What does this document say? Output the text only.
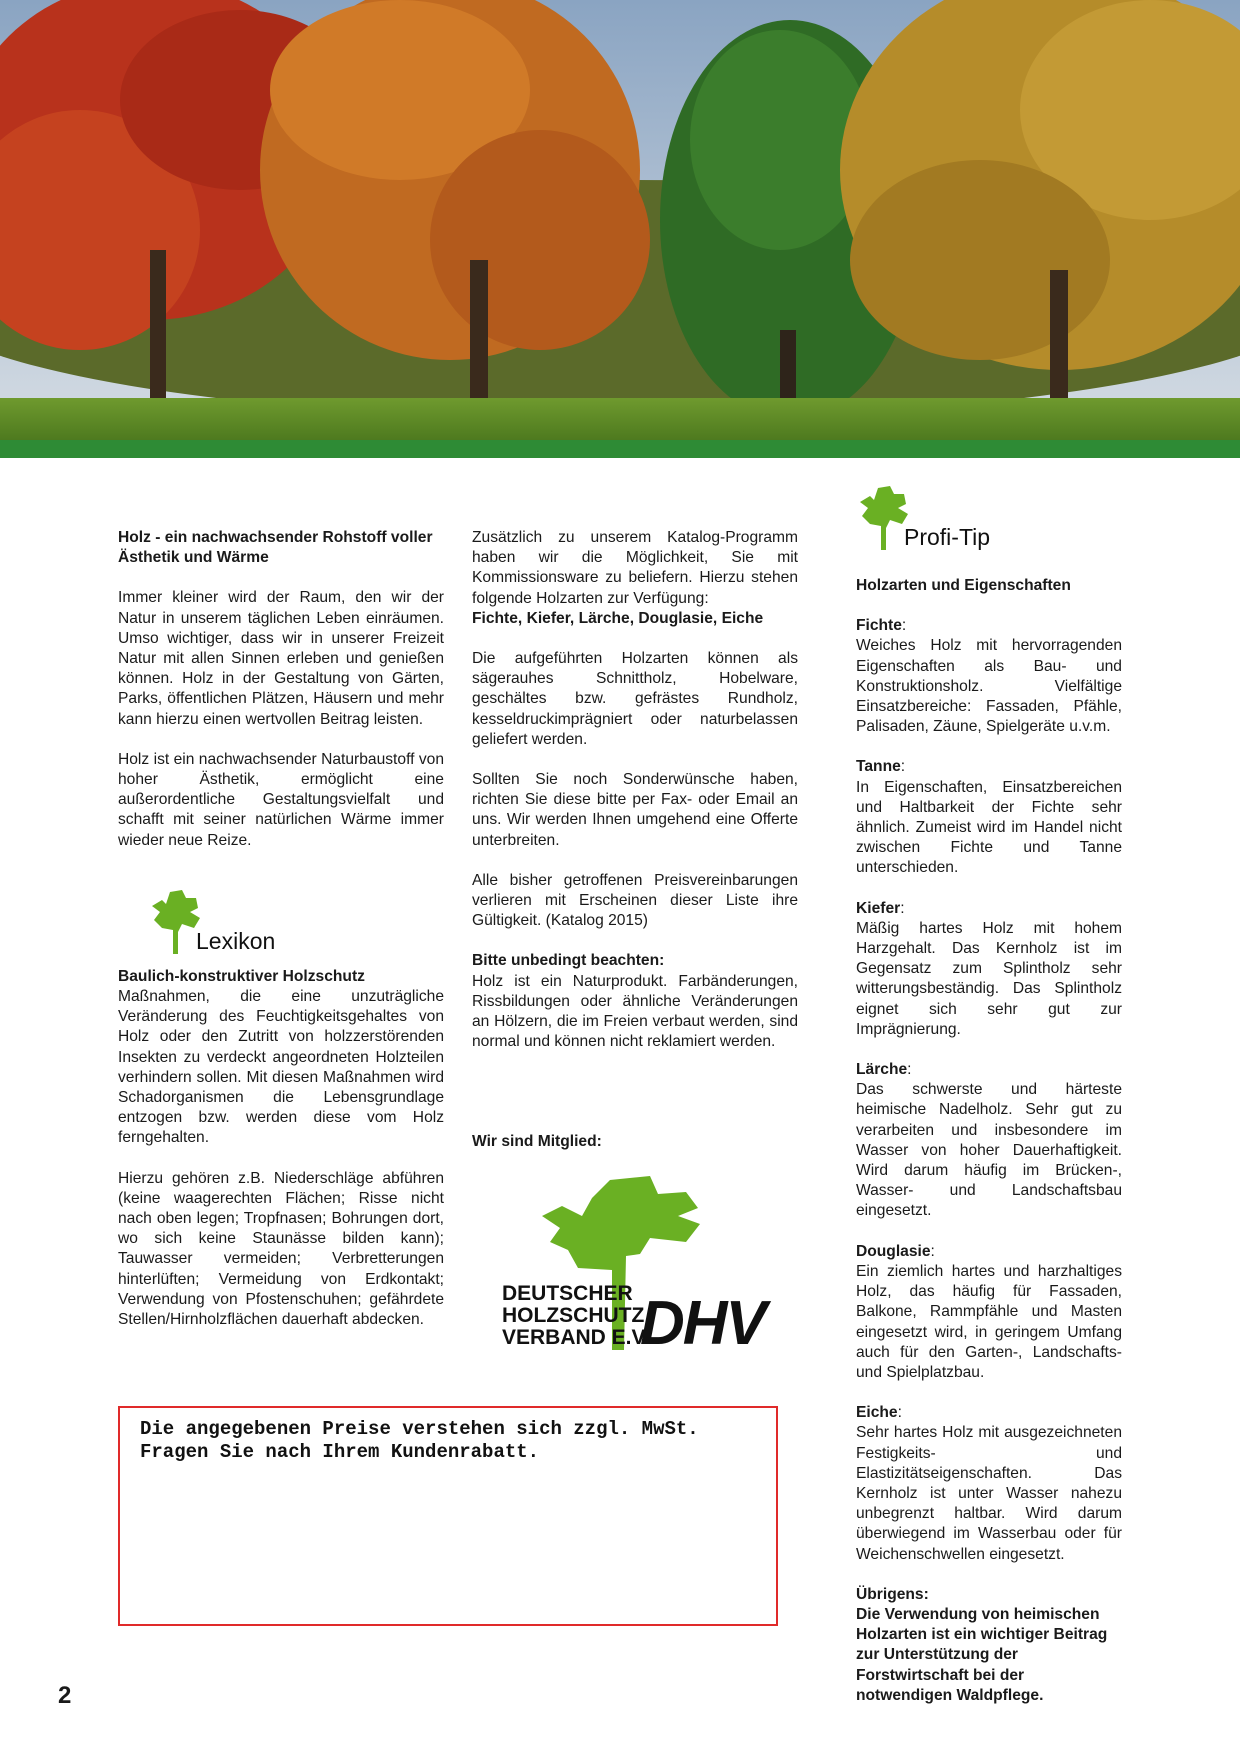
Holz - ein nachwachsender Rohstoff voller Ästhetik und Wärme

Immer kleiner wird der Raum, den wir der Natur in unserem täglichen Leben einräumen. Umso wichtiger, dass wir in unserer Freizeit Natur mit allen Sinnen erleben und genießen können. Holz in der Gestaltung von Gärten, Parks, öffentlichen Plätzen, Häusern und mehr kann hierzu einen wertvollen Beitrag leisten.

Holz ist ein nachwachsender Naturbaustoff von hoher Ästhetik, ermöglicht eine außerordentliche Gestaltungsvielfalt und schafft mit seiner natürlichen Wärme immer wieder neue Reize.

Baulich-konstruktiver Holzschutz

Maßnahmen, die eine unzuträgliche Veränderung des Feuchtigkeitsgehaltes von Holz oder den Zutritt von holzzerstörenden Insekten zu verdeckt angeordneten Holzteilen verhindern sollen. Mit diesen Maßnahmen wird Schadorganismen die Lebensgrundlage entzogen bzw. werden diese vom Holz ferngehalten.

Hierzu gehören z.B. Niederschläge abführen (keine waagerechten Flächen; Risse nicht nach oben legen; Tropfnasen; Bohrungen dort, wo sich keine Staunässe bilden kann); Tauwasser vermeiden; Verbretterungen hinterlüften; Vermeidung von Erdkontakt; Verwendung von Pfostenschuhen; gefährdete Stellen/Hirnholzflächen dauerhaft abdecken.

Lexikon

Zusätzlich zu unserem Katalog-Programm haben wir die Möglichkeit, Sie mit Kommissionsware zu beliefern. Hierzu stehen folgende Holzarten zur Verfügung:

Fichte, Kiefer, Lärche, Douglasie, Eiche

Die aufgeführten Holzarten können als sägerauhes Schnittholz, Hobelware, geschältes bzw. gefrästes Rundholz, kesseldruckimprägniert oder naturbelassen geliefert werden.

Sollten Sie noch Sonderwünsche haben, richten Sie diese bitte per Fax- oder Email an uns. Wir werden Ihnen umgehend eine Offerte unterbreiten.

Alle bisher getroffenen Preisvereinbarungen verlieren mit Erscheinen dieser Liste ihre Gültigkeit. (Katalog 2015)

Bitte unbedingt beachten:

Holz ist ein Naturprodukt. Farbänderungen, Rissbildungen oder ähnliche Veränderungen an Hölzern, die im Freien verbaut werden, sind normal und können nicht reklamiert werden.

Wir sind Mitglied:

DEUTSCHER
HOLZSCHUTZ
VERBAND E.V.
DHV

Die angegebenen Preise verstehen sich zzgl. MwSt.

Fragen Sie nach Ihrem Kundenrabatt.

Profi-Tip

Holzarten und Eigenschaften

Fichte:

Weiches Holz mit hervorragenden Eigenschaften als Bau- und Konstruktionsholz. Vielfältige Einsatzbereiche: Fassaden, Pfähle, Palisaden, Zäune, Spielgeräte u.v.m.

Tanne:

In Eigenschaften, Einsatzbereichen und Haltbarkeit der Fichte sehr ähnlich. Zumeist wird im Handel nicht zwischen Fichte und Tanne unterschieden.

Kiefer:

Mäßig hartes Holz mit hohem Harzgehalt. Das Kernholz ist im Gegensatz zum Splintholz sehr witterungsbeständig. Das Splintholz eignet sich sehr gut zur Imprägnierung.

Lärche:

Das schwerste und härteste heimische Nadelholz. Sehr gut zu verarbeiten und insbesondere im Wasser von hoher Dauerhaftigkeit. Wird darum häufig im Brücken-, Wasser- und Landschaftsbau eingesetzt.

Douglasie:

Ein ziemlich hartes und harzhaltiges Holz, das häufig für Fassaden, Balkone, Rammpfähle und Masten eingesetzt wird, in geringem Umfang auch für den Garten-, Landschafts- und Spielplatzbau.

Eiche:

Sehr hartes Holz mit ausgezeichneten Festigkeits- und Elastizitätseigenschaften. Das Kernholz ist unter Wasser nahezu unbegrenzt haltbar. Wird darum überwiegend im Wasserbau oder für Weichenschwellen eingesetzt.

Übrigens:

Die Verwendung von heimischen Holzarten ist ein wichtiger Beitrag zur Unterstützung der Forstwirtschaft bei der notwendigen Waldpflege.

2
